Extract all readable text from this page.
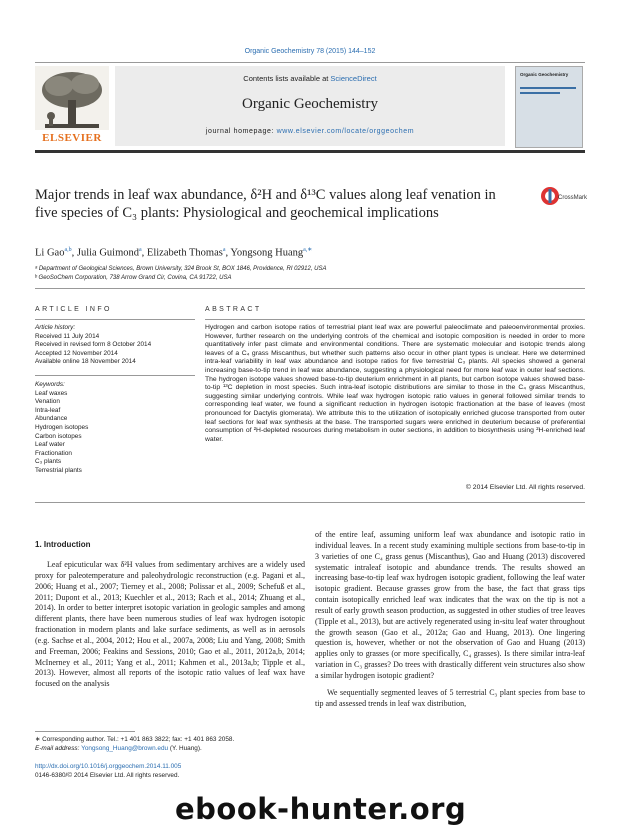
Organic Geochemistry 78 (2015) 144–152
Contents lists available at ScienceDirect
Organic Geochemistry
journal homepage: www.elsevier.com/locate/orggeochem
ELSEVIER
Organic Geochemistry
Major trends in leaf wax abundance, δ²H and δ¹³C values along leaf venation in five species of C₃ plants: Physiological and geochemical implications
CrossMark
Li Gao$^{a,b}$, Julia Guimond$^a$, Elizabeth Thomas$^a$, Yongsong Huang$^{a,∗}$
ᵃ Department of Geological Sciences, Brown University, 324 Brook St, BOX 1846, Providence, RI 02912, USA
ᵇ GeoSoChem Corporation, 738 Arrow Grand Cir, Covina, CA 91722, USA
ARTICLE INFO
Article history:
Received 11 July 2014
Received in revised form 8 October 2014
Accepted 12 November 2014
Available online 18 November 2014
Keywords:
Leaf waxes
Venation
Intra-leaf
Abundance
Hydrogen isotopes
Carbon isotopes
Leaf water
Fractionation
C₃ plants
Terrestrial plants
ABSTRACT
Hydrogen and carbon isotope ratios of terrestrial plant leaf wax are powerful paleoclimate and paleoenvironmental proxies. However, further research on the underlying controls of the chemical and isotopic composition is needed in order to more quantitatively infer past climate and environmental conditions. There are systematic molecular and isotopic trends along leaves of a C₄ grass Miscanthus, but whether such patterns also occur in other plant types is unclear. Here we determined intra-leaf variability in leaf wax abundance and isotope ratios for five terrestrial C₃ plants. All species showed a general increasing base-to-tip trend in leaf wax abundance, suggesting a physiological need for more leaf wax in outer leaf sections. The hydrogen isotope values showed base-to-tip deuterium enrichment in all plants, but carbon isotope values showed base-to-tip ¹³C depletion in most species. Such intra-leaf isotopic distributions are similar to those in the C₄ grass Miscanthus, suggesting similar underlying controls. While leaf wax hydrogen isotopic ratio values in general followed similar trends to corresponding leaf water, we found a significant reduction in hydrogen isotopic fractionation at the base of leaves (most pronounced for Dactylis glomerata). We attribute this to the utilization of isotopically enriched glucose transported from outer leaf sections for leaf wax synthesis at the base. The transported sugars were enriched in deuterium because of preferential consumption of ²H-depleted resources during metabolism in outer sections, in addition to biosynthesis using ²H-enriched leaf water.
© 2014 Elsevier Ltd. All rights reserved.
1. Introduction
Leaf epicuticular wax δ²H values from sedimentary archives are a widely used proxy for paleotemperature and paleohydrologic reconstruction (e.g. Pagani et al., 2006; Huang et al., 2007; Tierney et al., 2008; Polissar et al., 2009; Schefuß et al., 2011; Dupont et al., 2013; Kuechler et al., 2013; Rach et al., 2014; Zhuang et al., 2014). In order to better interpret isotopic variation in geologic samples and among different plants, there have been numerous studies of leaf wax hydrogen isotopic fractionation in modern plants and lake surface sediments, as well as in aerosols (e.g. Sachse et al., 2004, 2012; Hou et al., 2007a, 2008; Liu and Yang, 2008; Smith and Freeman, 2006; Feakins and Sessions, 2010; Gao et al., 2011, 2012a,b, 2014; McInerney et al., 2011; Yang et al., 2011; Kahmen et al., 2013a,b; Tipple et al., 2013). However, almost all reports of the isotopic ratio values of leaf wax have focused on the analysis
of the entire leaf, assuming uniform leaf wax abundance and isotopic ratio in individual leaves. In a recent study examining multiple sections from base-to-tip in 3 varieties of one C₄ grass genus (Miscanthus), Gao and Huang (2013) discovered systematic intraleaf isotopic and abundance trends. The results showed an increasing base-to-tip leaf wax hydrogen isotopic gradient, following the leaf water isotopic gradient. Because grasses grow from the base, the fact that grass tips contain isotopically enriched leaf wax indicates that the wax on the tip is not a result of early growth season production, as suggested in other studies of tree leaves (Tipple et al., 2013), but are actively regenerated using in-situ leaf water throughout the growth season (Gao et al., 2012a; Gao and Huang, 2013). One lingering question is, however, whether or not the observation of Gao and Huang (2013) applies only to grasses (or more specifically, C₄ grasses). Is there similar intra-leaf variation in C₃ grasses? Do trees with drastically different vein structures also show a similar hydrogen isotopic gradient?
We sequentially segmented leaves of 5 terrestrial C₃ plant species from base to tip and assessed trends in leaf wax distribution,
∗ Corresponding author. Tel.: +1 401 863 3822; fax: +1 401 863 2058.
E-mail address: Yongsong_Huang@brown.edu (Y. Huang).
http://dx.doi.org/10.1016/j.orggeochem.2014.11.005
0146-6380/© 2014 Elsevier Ltd. All rights reserved.
ebook-hunter.org
